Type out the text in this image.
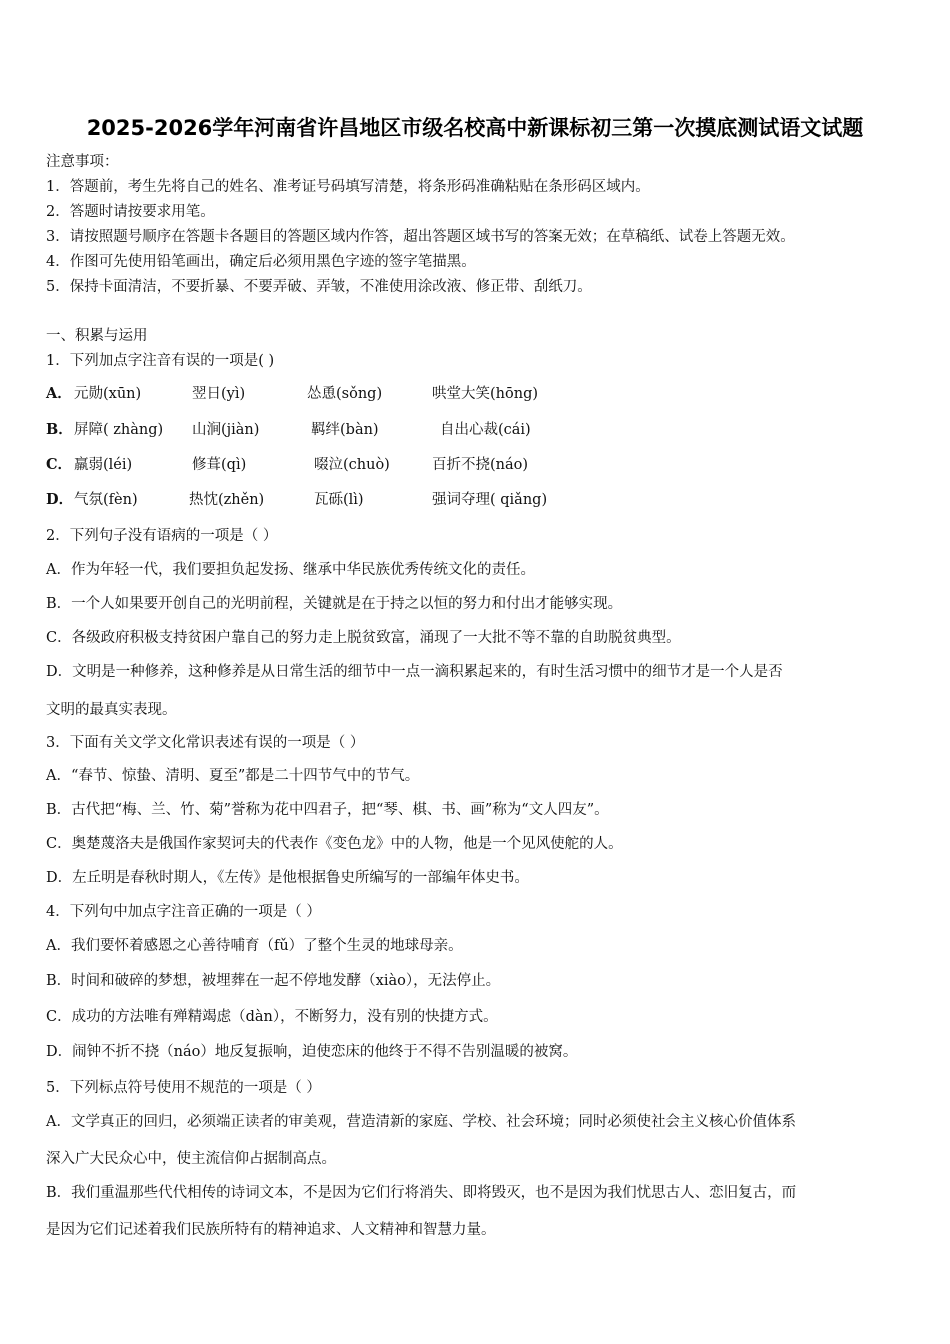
2025-2026学年河南省许昌地区市级名校高中新课标初三第一次摸底测试语文试题
注意事项：
1．答题前，考生先将自己的姓名、准考证号码填写清楚，将条形码准确粘贴在条形码区域内。
2．答题时请按要求用笔。
3．请按照题号顺序在答题卡各题目的答题区域内作答，超出答题区域书写的答案无效；在草稿纸、试卷上答题无效。
4．作图可先使用铅笔画出，确定后必须用黑色字迹的签字笔描黑。
5．保持卡面清洁，不要折暴、不要弄破、弄皱，不准使用涂改液、修正带、刮纸刀。
一、积累与运用
1．下列加点字注音有误的一项是( )
A． 元勋(xūn)	翌日(yì)	怂恿(sǒng)	哄堂大笑(hōng)
B． 屏障( zhàng) 山涧(jiàn)	羁绊(bàn)	自出心裁(cái)
C． 羸弱(léi)	修葺(qì)	啜泣(chuò)	百折不挠(náo)
D． 气氛(fèn)	热忱(zhěn)	瓦砾(lì)	强词夺理( qiǎng)
2．下列句子没有语病的一项是（ ）
A．作为年轻一代，我们要担负起发扬、继承中华民族优秀传统文化的责任。
B．一个人如果要开创自己的光明前程，关键就是在于持之以恒的努力和付出才能够实现。
C．各级政府积极支持贫困户靠自己的努力走上脱贫致富，涌现了一大批不等不靠的自助脱贫典型。
D．文明是一种修养，这种修养是从日常生活的细节中一点一滴积累起来的，有时生活习惯中的细节才是一个人是否
文明的最真实表现。
3．下面有关文学文化常识表述有误的一项是（ ）
A．“春节、惊蛰、清明、夏至”都是二十四节气中的节气。
B．古代把“梅、兰、竹、菊”誉称为花中四君子，把“琴、棋、书、画”称为“文人四友”。
C．奥楚蔑洛夫是俄国作家契诃夫的代表作《变色龙》中的人物，他是一个见风使舵的人。
D．左丘明是春秋时期人，《左传》是他根据鲁史所编写的一部编年体史书。
4．下列句中加点字注音正确的一项是（ ）
A．我们要怀着感恩之心善待哺育（fǔ）了整个生灵的地球母亲。
B．时间和破碎的梦想，被埋葬在一起不停地发酵（xiào），无法停止。
C．成功的方法唯有殚精竭虑（dàn），不断努力，没有别的快捷方式。
D．闹钟不折不挠（náo）地反复振响，迫使恋床的他终于不得不告别温暖的被窝。
5．下列标点符号使用不规范的一项是（ ）
A．文学真正的回归，必须端正读者的审美观，营造清新的家庭、学校、社会环境；同时必须使社会主义核心价值体系
深入广大民众心中，使主流信仰占据制高点。
B．我们重温那些代代相传的诗词文本，不是因为它们行将消失、即将毁灭，也不是因为我们忧思古人、恋旧复古，而
是因为它们记述着我们民族所特有的精神追求、人文精神和智慧力量。
